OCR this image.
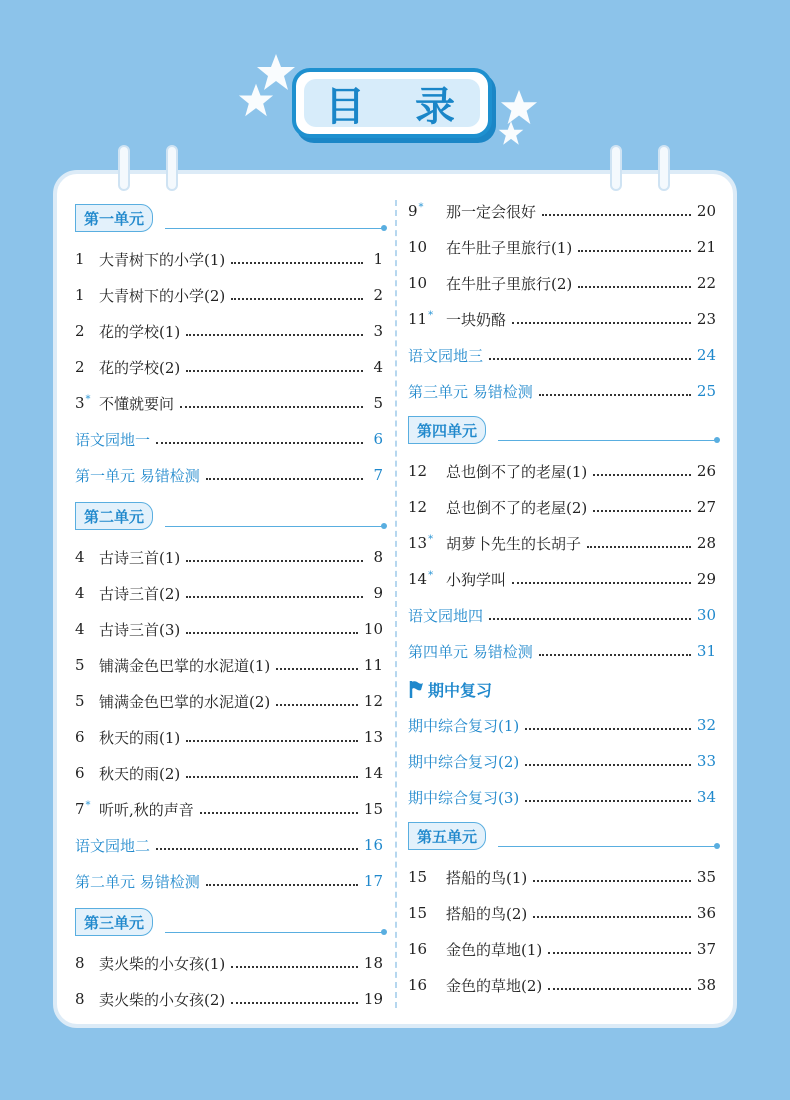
目 录
第一单元
1 大青树下的小学(1)	1
1 大青树下的小学(2)	2
2 花的学校(1)	3
2 花的学校(2)	4
3* 不懂就要问	5
语文园地一	6
第一单元 易错检测	7
第二单元
4 古诗三首(1)	8
4 古诗三首(2)	9
4 古诗三首(3)	10
5 铺满金色巴掌的水泥道(1)	11
5 铺满金色巴掌的水泥道(2)	12
6 秋天的雨(1)	13
6 秋天的雨(2)	14
7* 听听,秋的声音	15
语文园地二	16
第二单元 易错检测	17
第三单元
8 卖火柴的小女孩(1)	18
8 卖火柴的小女孩(2)	19
9*	那一定会很好	20
10	在牛肚子里旅行(1)	21
10	在牛肚子里旅行(2)	22
11* 一块奶酪	23
语文园地三	24
第三单元 易错检测	25
第四单元
12	总也倒不了的老屋(1)	26
12	总也倒不了的老屋(2)	27
13* 胡萝卜先生的长胡子	28
14* 小狗学叫	29
语文园地四	30
第四单元 易错检测	31
期中复习
期中综合复习(1)	32
期中综合复习(2)	33
期中综合复习(3)	34
第五单元
15	搭船的鸟(1)	35
15	搭船的鸟(2)	36
16	金色的草地(1)	37
16	金色的草地(2)	38
